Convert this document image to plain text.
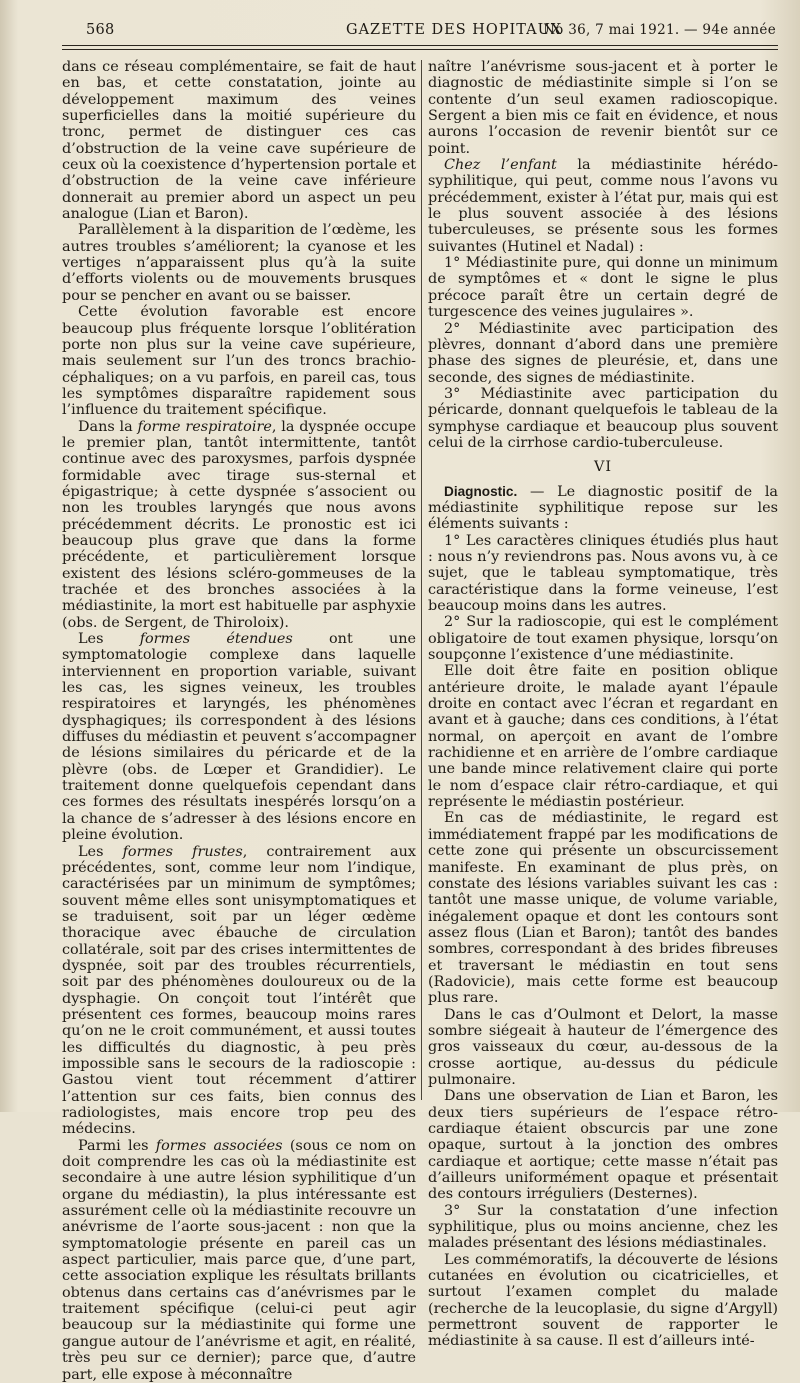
568	GAZETTE DES HOPITAUX
No 36, 7 mai 1921. — 94e année

dans ce réseau complémentaire, se fait de haut en bas, et cette constatation, jointe au développement maximum des veines superficielles dans la moitié supérieure du tronc, permet de distinguer ces cas d’obstruction de la veine cave supérieure de ceux où la coexistence d’hypertension portale et d’obstruction de la veine cave inférieure donnerait au premier abord un aspect un peu analogue (Lian et Baron).

Parallèlement à la disparition de l’œdème, les autres troubles s’améliorent; la cyanose et les vertiges n’apparaissent plus qu’à la suite d’efforts violents ou de mouvements brusques pour se pencher en avant ou se baisser.

Cette évolution favorable est encore beaucoup plus fréquente lorsque l’oblitération porte non plus sur la veine cave supérieure, mais seulement sur l’un des troncs brachio-céphaliques; on a vu parfois, en pareil cas, tous les symptômes disparaître rapidement sous l’influence du traitement spécifique.

Dans la forme respiratoire, la dyspnée occupe le premier plan, tantôt intermittente, tantôt continue avec des paroxysmes, parfois dyspnée formidable avec tirage sus-sternal et épigastrique; à cette dyspnée s’associent ou non les troubles laryngés que nous avons précédemment décrits. Le pronostic est ici beaucoup plus grave que dans la forme précédente, et particulièrement lorsque existent des lésions scléro-gommeuses de la trachée et des bronches associées à la médiastinite, la mort est habituelle par asphyxie (obs. de Sergent, de Thiroloix).

Les formes étendues ont une symptomatologie complexe dans laquelle interviennent en proportion variable, suivant les cas, les signes veineux, les troubles respiratoires et laryngés, les phénomènes dysphagiques; ils correspondent à des lésions diffuses du médiastin et peuvent s’accompagner de lésions similaires du péricarde et de la plèvre (obs. de Lœper et Grandidier). Le traitement donne quelquefois cependant dans ces formes des résultats inespérés lorsqu’on a la chance de s’adresser à des lésions encore en pleine évolution.

Les formes frustes, contrairement aux précédentes, sont, comme leur nom l’indique, caractérisées par un minimum de symptômes; souvent même elles sont unisymptomatiques et se traduisent, soit par un léger œdème thoracique avec ébauche de circulation collatérale, soit par des crises intermittentes de dyspnée, soit par des troubles récurrentiels, soit par des phénomènes douloureux ou de la dysphagie. On conçoit tout l’intérêt que présentent ces formes, beaucoup moins rares qu’on ne le croit communément, et aussi toutes les difficultés du diagnostic, à peu près impossible sans le secours de la radioscopie : Gastou vient tout récemment d’attirer l’attention sur ces faits, bien connus des radiologistes, mais encore trop peu des médecins.

Parmi les formes associées (sous ce nom on doit comprendre les cas où la médiastinite est secondaire à une autre lésion syphilitique d’un organe du médiastin), la plus intéressante est assurément celle où la médiastinite recouvre un anévrisme de l’aorte sous-jacent : non que la symptomatologie présente en pareil cas un aspect particulier, mais parce que, d’une part, cette association explique les résultats brillants obtenus dans certains cas d’anévrismes par le traitement spécifique (celui-ci peut agir beaucoup sur la médiastinite qui forme une gangue autour de l’anévrisme et agit, en réalité, très peu sur ce dernier); parce que, d’autre part, elle expose à méconnaître

naître l’anévrisme sous-jacent et à porter le diagnostic de médiastinite simple si l’on se contente d’un seul examen radioscopique. Sergent a bien mis ce fait en évidence, et nous aurons l’occasion de revenir bientôt sur ce point.

Chez l’enfant la médiastinite hérédo-syphilitique, qui peut, comme nous l’avons vu précédemment, exister à l’état pur, mais qui est le plus souvent associée à des lésions tuberculeuses, se présente sous les formes suivantes (Hutinel et Nadal) :

1° Médiastinite pure, qui donne un minimum de symptômes et « dont le signe le plus précoce paraît être un certain degré de turgescence des veines jugulaires ».

2° Médiastinite avec participation des plèvres, donnant d’abord dans une première phase des signes de pleurésie, et, dans une seconde, des signes de médiastinite.

3° Médiastinite avec participation du péricarde, donnant quelquefois le tableau de la symphyse cardiaque et beaucoup plus souvent celui de la cirrhose cardio-tuberculeuse.

VI

Diagnostic. — Le diagnostic positif de la médiastinite syphilitique repose sur les éléments suivants :

1° Les caractères cliniques étudiés plus haut : nous n’y reviendrons pas. Nous avons vu, à ce sujet, que le tableau symptomatique, très caractéristique dans la forme veineuse, l’est beaucoup moins dans les autres.

2° Sur la radioscopie, qui est le complément obligatoire de tout examen physique, lorsqu’on soupçonne l’existence d’une médiastinite.

Elle doit être faite en position oblique antérieure droite, le malade ayant l’épaule droite en contact avec l’écran et regardant en avant et à gauche; dans ces conditions, à l’état normal, on aperçoit en avant de l’ombre rachidienne et en arrière de l’ombre cardiaque une bande mince relativement claire qui porte le nom d’espace clair rétro-cardiaque, et qui représente le médiastin postérieur.

En cas de médiastinite, le regard est immédiatement frappé par les modifications de cette zone qui présente un obscurcissement manifeste. En examinant de plus près, on constate des lésions variables suivant les cas : tantôt une masse unique, de volume variable, inégalement opaque et dont les contours sont assez flous (Lian et Baron); tantôt des bandes sombres, correspondant à des brides fibreuses et traversant le médiastin en tout sens (Radovicie), mais cette forme est beaucoup plus rare.

Dans le cas d’Oulmont et Delort, la masse sombre siégeait à hauteur de l’émergence des gros vaisseaux du cœur, au-dessous de la crosse aortique, au-dessus du pédicule pulmonaire.

Dans une observation de Lian et Baron, les deux tiers supérieurs de l’espace rétro-cardiaque étaient obscurcis par une zone opaque, surtout à la jonction des ombres cardiaque et aortique; cette masse n’était pas d’ailleurs uniformément opaque et présentait des contours irréguliers (Desternes).

3° Sur la constatation d’une infection syphilitique, plus ou moins ancienne, chez les malades présentant des lésions médiastinales.

Les commémoratifs, la découverte de lésions cutanées en évolution ou cicatricielles, et surtout l’examen complet du malade (recherche de la leucoplasie, du signe d’Argyll) permettront souvent de rapporter le médiastinite à sa cause. Il est d’ailleurs inté-
